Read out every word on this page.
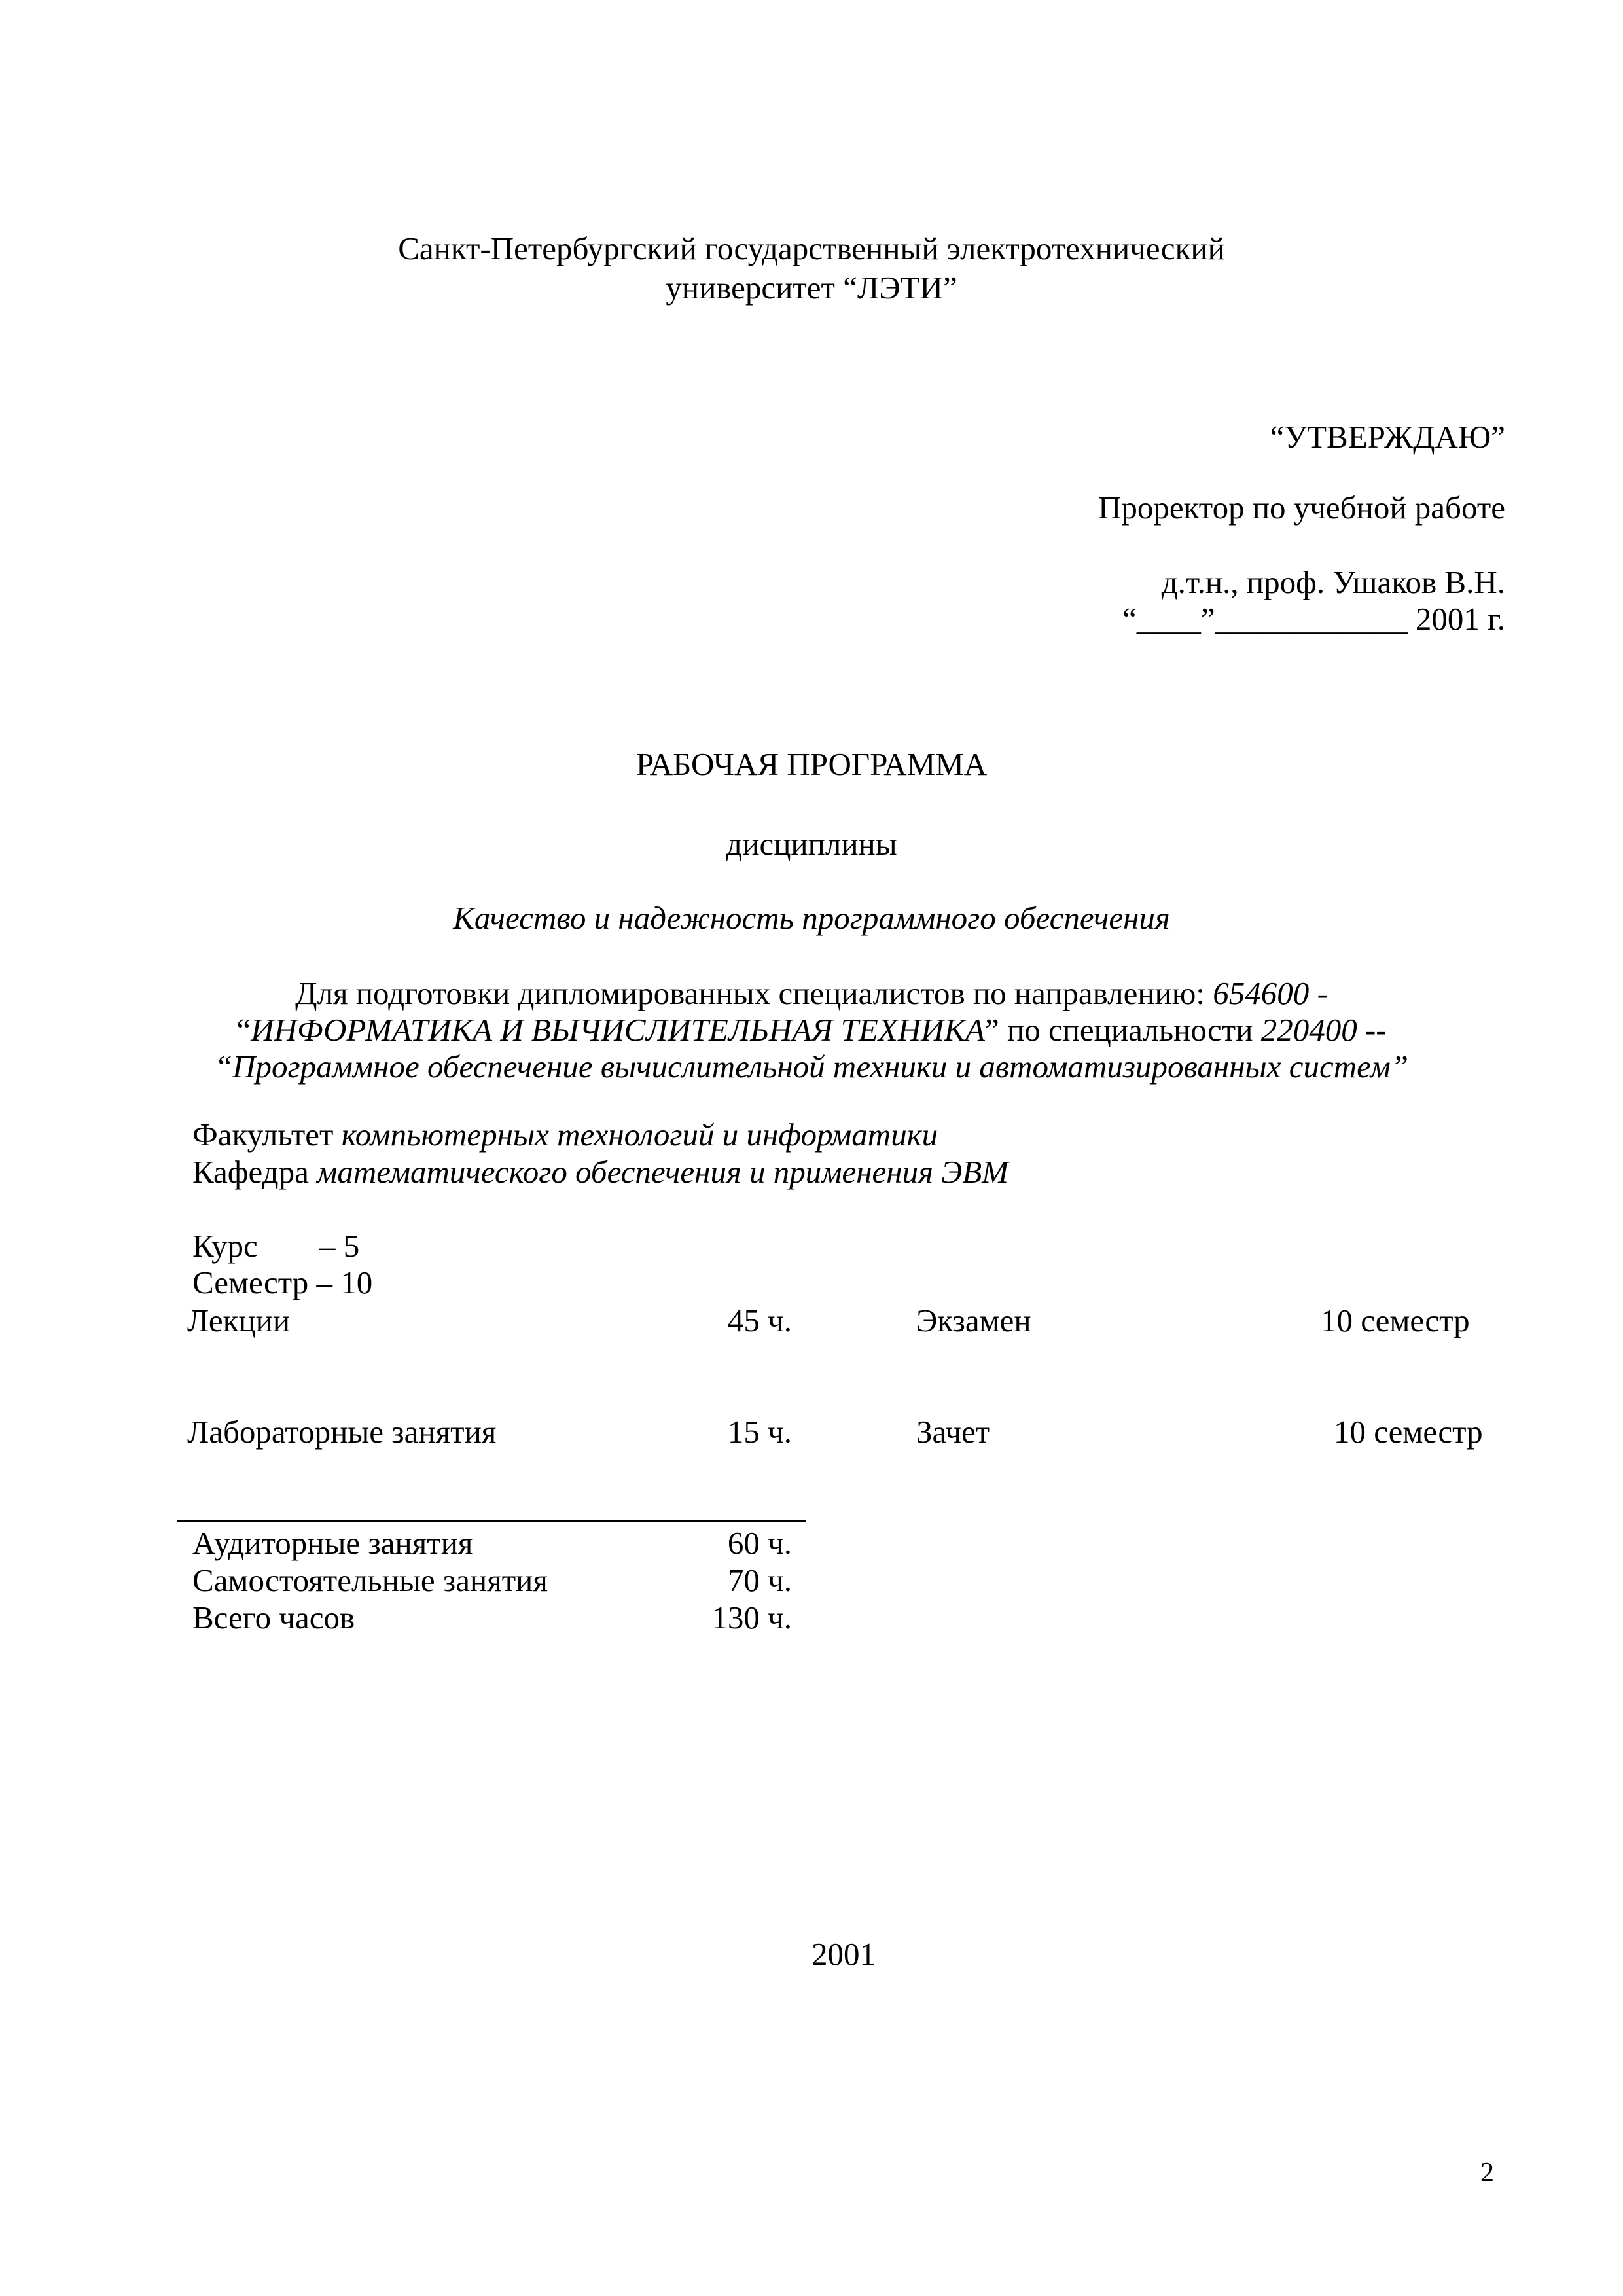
Санкт-Петербургский государственный электротехнический
университет “ЛЭТИ”
“УТВЕРЖДАЮ”
Проректор по учебной работе
д.т.н., проф. Ушаков В.Н.
“____”____________ 2001 г.
РАБОЧАЯ ПРОГРАММА
дисциплины
Качество и надежность программного обеспечения
Для подготовки дипломированных специалистов по направлению: 654600 -
“ИНФОРМАТИКА И ВЫЧИСЛИТЕЛЬНАЯ ТЕХНИКА” по специальности 220400 --
“Программное обеспечение вычислительной техники и автоматизированных систем”
Факультет компьютерных технологий и информатики
Кафедра математического обеспечения и применения ЭВМ
Курс – 5
Семестр – 10
Лекции	45 ч.	Экзамен	10 семестр
Лабораторные занятия	15 ч.	Зачет	10 семестр
Аудиторные занятия	60 ч.
Самостоятельные занятия	70 ч.
Всего часов	130 ч.
2001
2
